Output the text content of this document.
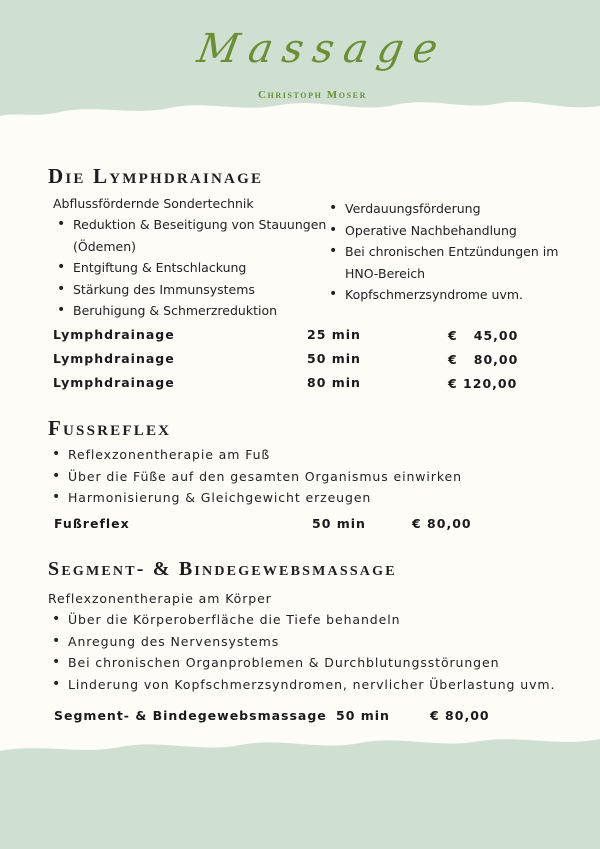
Massage
Christoph Moser
Die Lymphdrainage
Abflussfördernde Sondertechnik
• Reduktion & Beseitigung von Stauungen
(Ödemen)
• Entgiftung & Entschlackung
• Stärkung des Immunsystems
• Beruhigung & Schmerzreduktion
• Verdauungsförderung
• Operative Nachbehandlung
• Bei chronischen Entzündungen im
HNO-Bereich
• Kopfschmerzsyndrome uvm.
Lymphdrainage	25 min	€   45,00
Lymphdrainage	50 min	€   80,00
Lymphdrainage	80 min	€ 120,00
Fussreflex
• Reflexzonentherapie am Fuß
• Über die Füße auf den gesamten Organismus einwirken
• Harmonisierung & Gleichgewicht erzeugen
Fußreflex	50 min	€ 80,00
Segment- & Bindegewebsmassage
Reflexzonentherapie am Körper
• Über die Körperoberfläche die Tiefe behandeln
• Anregung des Nervensystems
• Bei chronischen Organproblemen & Durchblutungsstörungen
• Linderung von Kopfschmerzsyndromen, nervlicher Überlastung uvm.
Segment- & Bindegewebsmassage 50 min	€ 80,00
